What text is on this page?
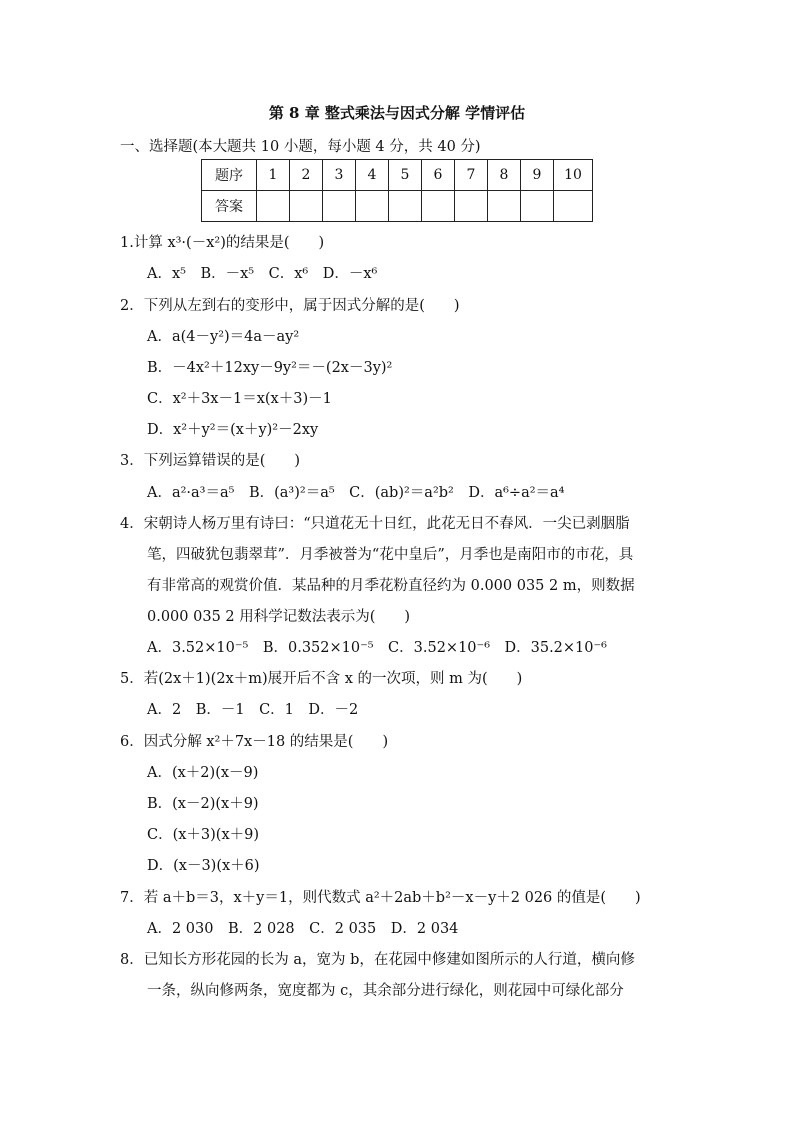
第 8 章 整式乘法与因式分解 学情评估
一、选择题(本大题共 10 小题，每小题 4 分，共 40 分)
题序	1	2	3	4	5	6	7	8	9	10
答案										
1.计算 x³·(－x²)的结果是(　　)
A．x⁵　B．－x⁵　C．x⁶　D．－x⁶
2．下列从左到右的变形中，属于因式分解的是(　　)
A．a(4－y²)＝4a－ay²
B．－4x²＋12xy－9y²＝－(2x－3y)²
C．x²＋3x－1＝x(x＋3)－1
D．x²＋y²＝(x＋y)²－2xy
3．下列运算错误的是(　　)
A．a²·a³＝a⁵　B．(a³)²＝a⁵　C．(ab)²＝a²b²　D．a⁶÷a²＝a⁴
4．宋朝诗人杨万里有诗曰：“只道花无十日红，此花无日不春风．一尖已剥胭脂
笔，四破犹包翡翠茸”．月季被誉为“花中皇后”，月季也是南阳市的市花，具
有非常高的观赏价值．某品种的月季花粉直径约为 0.000 035 2 m，则数据
0.000 035 2 用科学记数法表示为(　　)
A．3.52×10⁻⁵　B．0.352×10⁻⁵　C．3.52×10⁻⁶　D．35.2×10⁻⁶
5．若(2x＋1)(2x＋m)展开后不含 x 的一次项，则 m 为(　　)
A．2　B．－1　C．1　D．－2
6．因式分解 x²＋7x－18 的结果是(　　)
A．(x＋2)(x－9)
B．(x－2)(x＋9)
C．(x＋3)(x＋9)
D．(x－3)(x＋6)
7．若 a＋b＝3，x＋y＝1，则代数式 a²＋2ab＋b²－x－y＋2 026 的值是(　　)
A．2 030　B．2 028　C．2 035　D．2 034
8．已知长方形花园的长为 a，宽为 b，在花园中修建如图所示的人行道，横向修
一条，纵向修两条，宽度都为 c，其余部分进行绿化，则花园中可绿化部分
